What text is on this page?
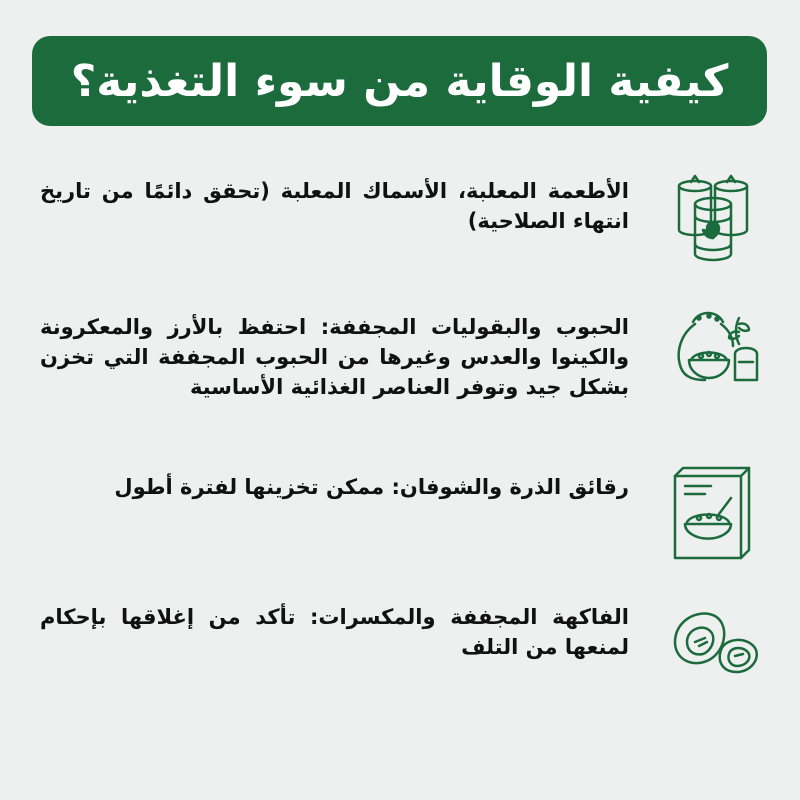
كيفية الوقاية من سوء التغذية؟
الأطعمة المعلبة، الأسماك المعلبة (تحقق دائمًا من تاريخ انتهاء الصلاحية)
الحبوب والبقوليات المجففة: احتفظ بالأرز والمعكرونة والكينوا والعدس وغيرها من الحبوب المجففة التي تخزن بشكل جيد وتوفر العناصر الغذائية الأساسية
رقائق الذرة والشوفان: ممكن تخزينها لفترة أطول
الفاكهة المجففة والمكسرات: تأكد من إغلاقها بإحكام لمنعها من التلف
